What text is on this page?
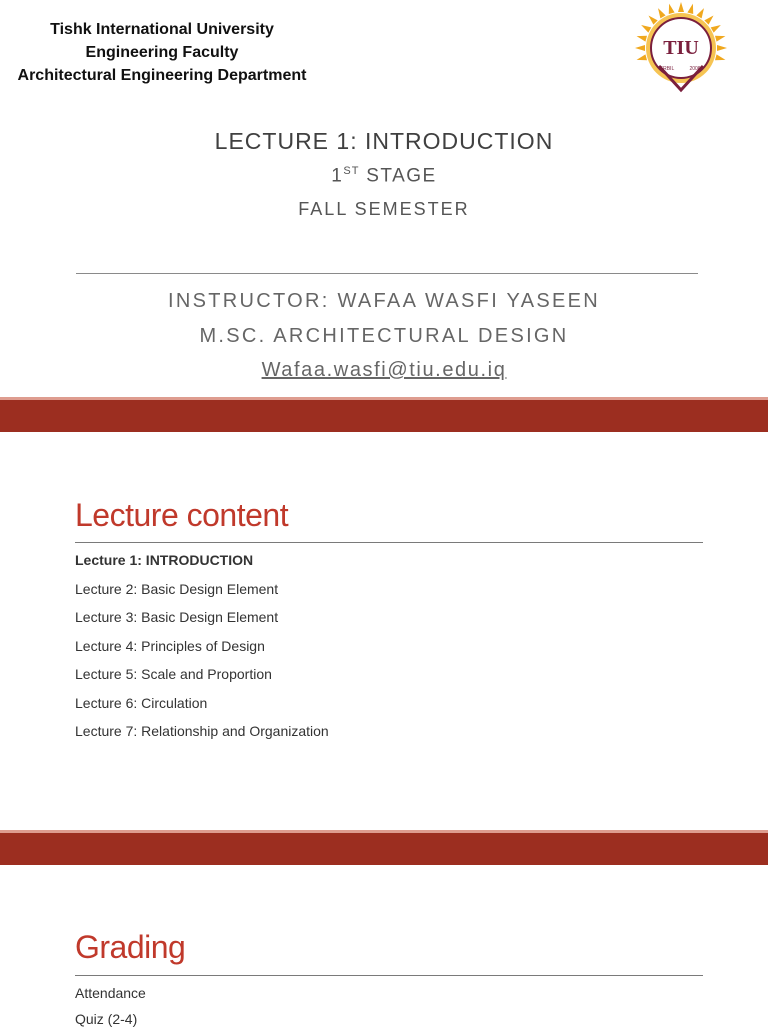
Tishk International University
Engineering Faculty
Architectural Engineering Department
TIU
ERBIL	2008
LECTURE 1: INTRODUCTION
1ST STAGE
FALL SEMESTER
INSTRUCTOR: WAFAA WASFI YASEEN
M.SC. ARCHITECTURAL DESIGN
Wafaa.wasfi@tiu.edu.iq
Lecture content
Lecture 1: INTRODUCTION
Lecture 2: Basic Design Element
Lecture 3: Basic Design Element
Lecture 4: Principles of Design
Lecture 5: Scale and Proportion
Lecture 6: Circulation
Lecture 7: Relationship and Organization
Grading
Attendance
Quiz (2-4)
